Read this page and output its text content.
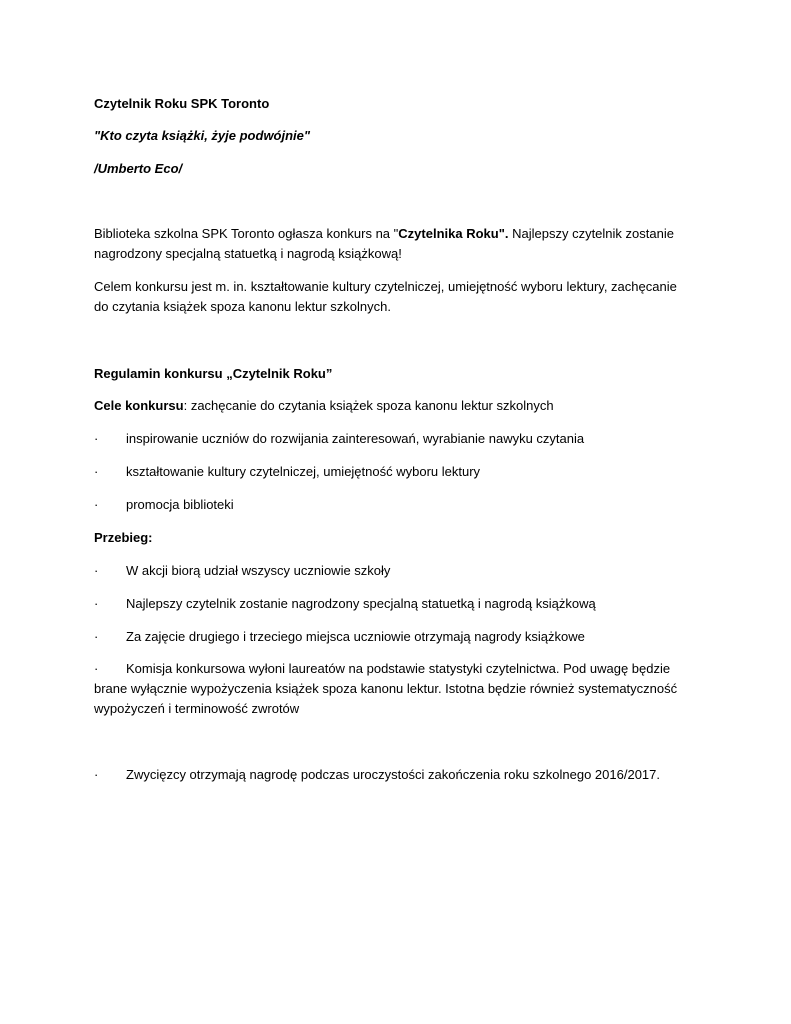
Czytelnik Roku SPK Toronto
"Kto czyta książki, żyje podwójnie"
/Umberto Eco/
Biblioteka szkolna SPK Toronto ogłasza konkurs na "Czytelnika Roku". Najlepszy czytelnik zostanie nagrodzony specjalną statuetką i nagrodą książkową!
Celem konkursu jest m. in. kształtowanie kultury czytelniczej, umiejętność wyboru lektury, zachęcanie do czytania książek spoza kanonu lektur szkolnych.
Regulamin konkursu „Czytelnik Roku”
Cele konkursu: zachęcanie do czytania książek spoza kanonu lektur szkolnych
· inspirowanie uczniów do rozwijania zainteresowań, wyrabianie nawyku czytania
· kształtowanie kultury czytelniczej, umiejętność wyboru lektury
· promocja biblioteki
Przebieg:
· W akcji biorą udział wszyscy uczniowie szkoły
· Najlepszy czytelnik zostanie nagrodzony specjalną statuetką i nagrodą książkową
· Za zajęcie drugiego i trzeciego miejsca uczniowie otrzymają nagrody książkowe
· Komisja konkursowa wyłoni laureatów na podstawie statystyki czytelnictwa. Pod uwagę będzie brane wyłącznie wypożyczenia książek spoza kanonu lektur. Istotna będzie również systematyczność wypożyczeń i terminowość zwrotów
· Zwycięzcy otrzymają nagrodę podczas uroczystości zakończenia roku szkolnego 2016/2017.
